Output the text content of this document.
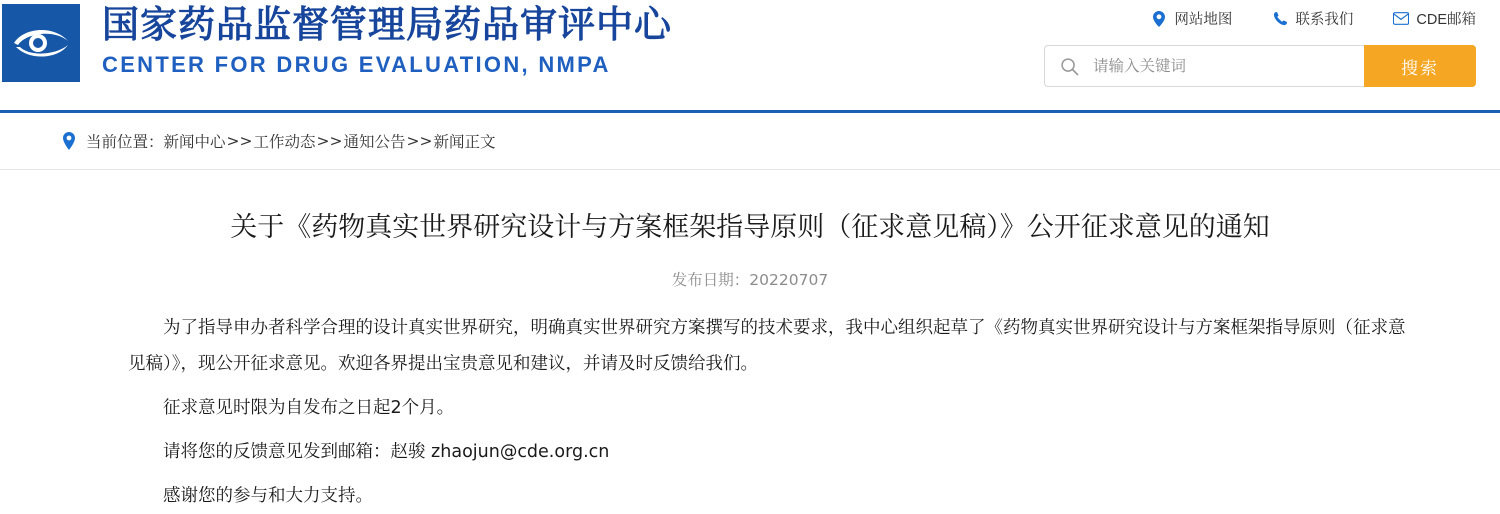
国家药品监督管理局药品审评中心
CENTER FOR DRUG EVALUATION, NMPA
网站地图	联系我们	CDE邮箱
请输入关键词
搜索
当前位置： 新闻中心 >> 工作动态 >> 通知公告 >> 新闻正文
关于《药物真实世界研究设计与方案框架指导原则（征求意见稿）》公开征求意见的通知
发布日期：20220707

为了指导申办者科学合理的设计真实世界研究，明确真实世界研究方案撰写的技术要求，我中心组织起草了《药物真实世界研究设计与方案框架指导原则（征求意见稿）》，现公开征求意见。欢迎各界提出宝贵意见和建议，并请及时反馈给我们。

征求意见时限为自发布之日起2个月。

请将您的反馈意见发到邮箱：赵骏 zhaojun@cde.org.cn

感谢您的参与和大力支持。
